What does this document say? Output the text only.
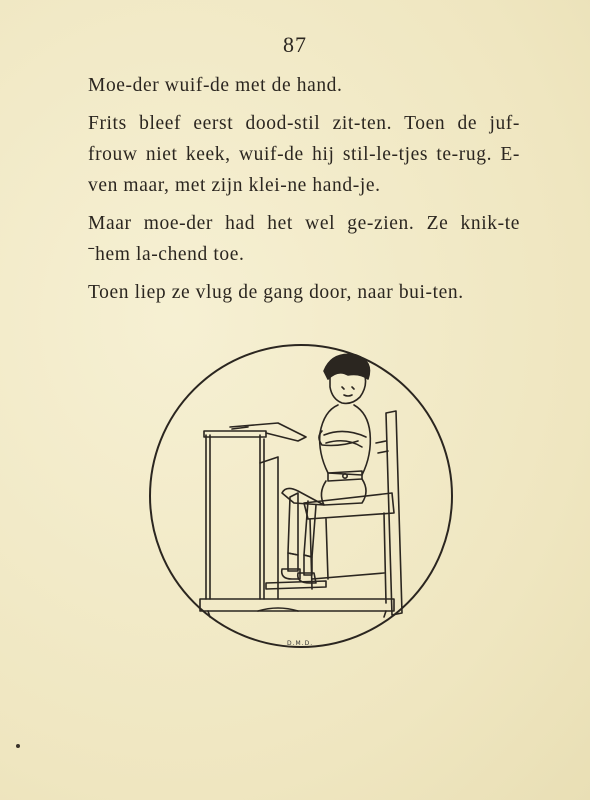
87

Moe-der wuif-de met de hand.

Frits bleef eerst dood-stil zit-ten. Toen de juf-frouw niet keek, wuif-de hij stil-le-tjes te-rug. E-ven maar, met zijn klei-ne hand-je.

Maar moe-der had het wel ge-zien. Ze knik-te ˉhem la-chend toe.

Toen liep ze vlug de gang door, naar bui-ten.

D.M.D.
